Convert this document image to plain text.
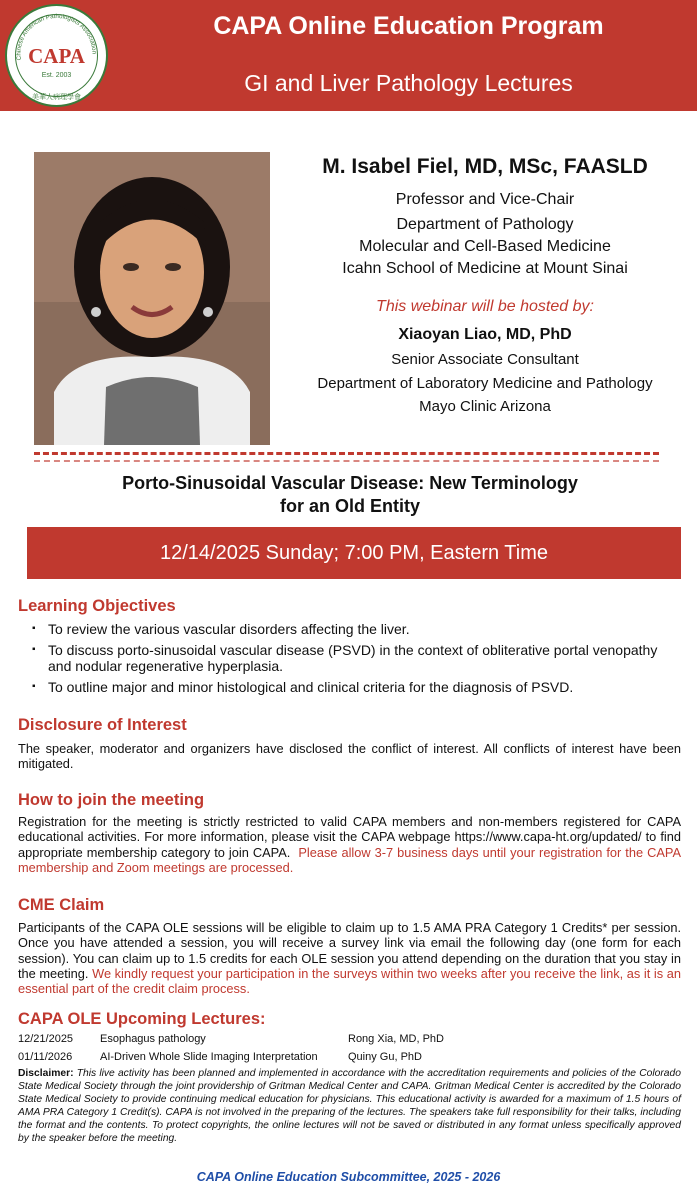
Chinese American Pathologists Association
美華人病理學會
CAPA
Est. 2003
CAPA Online Education Program
GI and Liver Pathology Lectures
M. Isabel Fiel, MD, MSc, FAASLD
Professor and Vice-Chair
Department of Pathology
Molecular and Cell-Based Medicine
Icahn School of Medicine at Mount Sinai
This webinar will be hosted by:
Xiaoyan Liao, MD, PhD
Senior Associate Consultant
Department of Laboratory Medicine and Pathology
Mayo Clinic Arizona
Porto-Sinusoidal Vascular Disease: New Terminology
for an Old Entity
12/14/2025 Sunday; 7:00 PM, Eastern Time
Learning Objectives
▪ To review the various vascular disorders affecting the liver.
▪ To discuss porto-sinusoidal vascular disease (PSVD) in the context of obliterative portal venopathy and nodular regenerative hyperplasia.
▪ To outline major and minor histological and clinical criteria for the diagnosis of PSVD.
Disclosure of Interest
The speaker, moderator and organizers have disclosed the conflict of interest. All conflicts of interest have been mitigated.
How to join the meeting
Registration for the meeting is strictly restricted to valid CAPA members and non-members registered for CAPA educational activities. For more information, please visit the CAPA webpage https://www.capa-ht.org/updated/ to find appropriate membership category to join CAPA. Please allow 3-7 business days until your registration for the CAPA membership and Zoom meetings are processed.
CME Claim
Participants of the CAPA OLE sessions will be eligible to claim up to 1.5 AMA PRA Category 1 Credits* per session. Once you have attended a session, you will receive a survey link via email the following day (one form for each session). You can claim up to 1.5 credits for each OLE session you attend depending on the duration that you stay in the meeting. We kindly request your participation in the surveys within two weeks after you receive the link, as it is an essential part of the credit claim process.
CAPA OLE Upcoming Lectures:
12/21/2025 Esophagus pathology	Rong Xia, MD, PhD
01/11/2026	AI-Driven Whole Slide Imaging Interpretation	Quiny Gu, PhD
Disclaimer: This live activity has been planned and implemented in accordance with the accreditation requirements and policies of the Colorado State Medical Society through the joint providership of Gritman Medical Center and CAPA. Gritman Medical Center is accredited by the Colorado State Medical Society to provide continuing medical education for physicians. This educational activity is awarded for a maximum of 1.5 hours of AMA PRA Category 1 Credit(s). CAPA is not involved in the preparing of the lectures. The speakers take full responsibility for their talks, including the format and the contents. To protect copyrights, the online lectures will not be saved or distributed in any format unless specifically approved by the speaker before the meeting.
CAPA Online Education Subcommittee, 2025 - 2026
